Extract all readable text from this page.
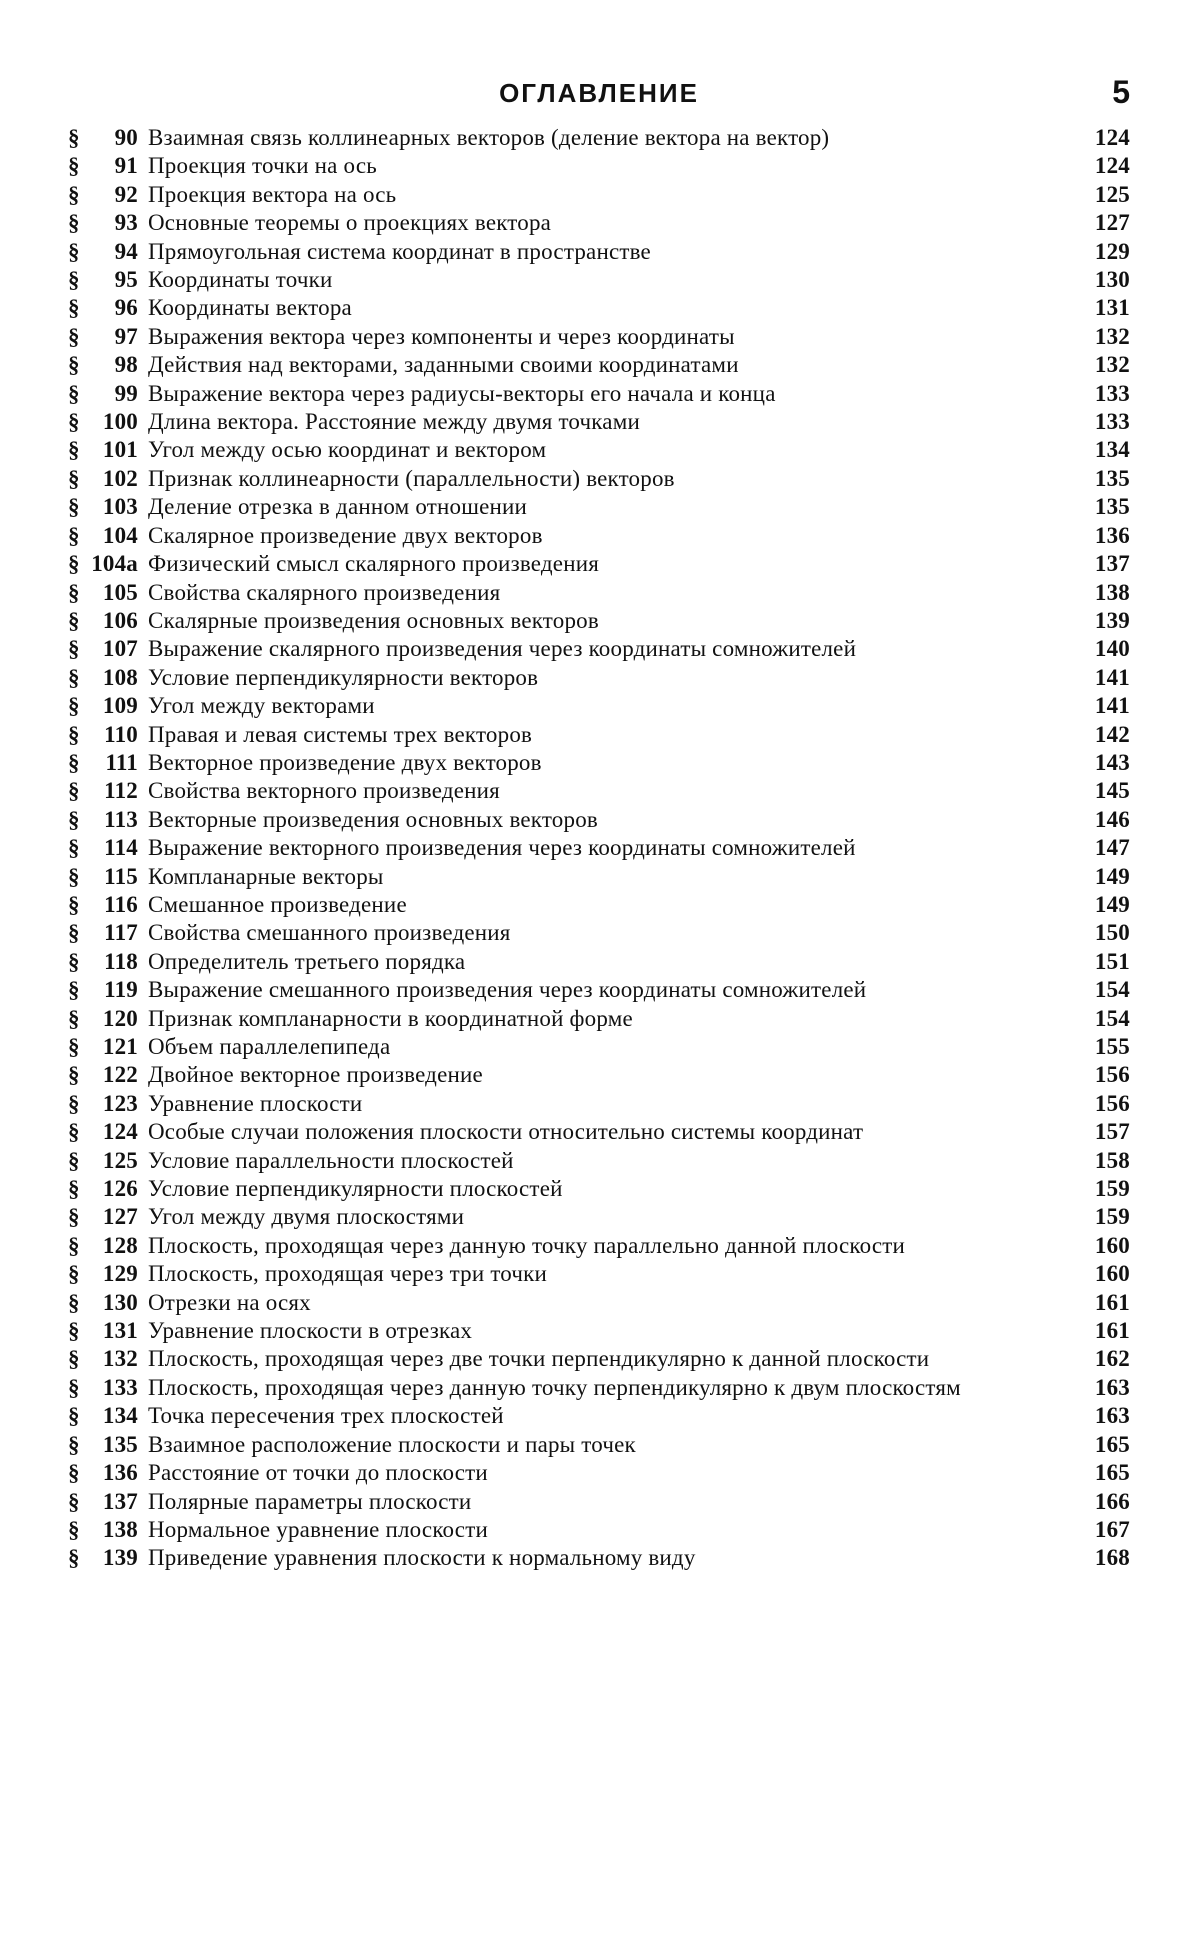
ОГЛАВЛЕНИЕ	5
§	90 Взаимная связь коллинеарных векторов (деление вектора на вектор)	124
§	91 Проекция точки на ось	124
§	92 Проекция вектора на ось	125
§	93 Основные теоремы о проекциях вектора	127
§	94 Прямоугольная система координат в пространстве	129
§	95 Координаты точки	130
§	96 Координаты вектора	131
§	97 Выражения вектора через компоненты и через координаты	132
§	98 Действия над векторами, заданными своими координатами	132
§	99 Выражение вектора через радиусы-векторы его начала и конца	133
§	100 Длина вектора. Расстояние между двумя точками	133
§	101 Угол между осью координат и вектором	134
§	102 Признак коллинеарности (параллельности) векторов	135
§	103 Деление отрезка в данном отношении	135
§	104 Скалярное произведение двух векторов	136
§ 104а Физический смысл скалярного произведения	137
§	105 Свойства скалярного произведения	138
§	106 Скалярные произведения основных векторов	139
§	107 Выражение скалярного произведения через координаты сомножителей	140
§	108 Условие перпендикулярности векторов	141
§	109 Угол между векторами	141
§	110 Правая и левая системы трех векторов	142
§	111 Векторное произведение двух векторов	143
§	112 Свойства векторного произведения	145
§	113 Векторные произведения основных векторов	146
§	114 Выражение векторного произведения через координаты сомножителей	147
§	115 Компланарные векторы	149
§	116 Смешанное произведение	149
§	117 Свойства смешанного произведения	150
§	118 Определитель третьего порядка	151
§	119 Выражение смешанного произведения через координаты сомножителей	154
§	120 Признак компланарности в координатной форме	154
§	121 Объем параллелепипеда	155
§	122 Двойное векторное произведение	156
§	123 Уравнение плоскости	156
§	124 Особые случаи положения плоскости относительно системы координат	157
§	125 Условие параллельности плоскостей	158
§	126 Условие перпендикулярности плоскостей	159
§	127 Угол между двумя плоскостями	159
§	128 Плоскость, проходящая через данную точку параллельно данной плоскости	160
§	129 Плоскость, проходящая через три точки	160
§	130 Отрезки на осях	161
§	131 Уравнение плоскости в отрезках	161
§	132 Плоскость, проходящая через две точки перпендикулярно к данной плоскости	162
§	133 Плоскость, проходящая через данную точку перпендикулярно к двум плоскостям	163
§	134 Точка пересечения трех плоскостей	163
§	135 Взаимное расположение плоскости и пары точек	165
§	136 Расстояние от точки до плоскости	165
§	137 Полярные параметры плоскости	166
§	138 Нормальное уравнение плоскости	167
§	139 Приведение уравнения плоскости к нормальному виду	168
